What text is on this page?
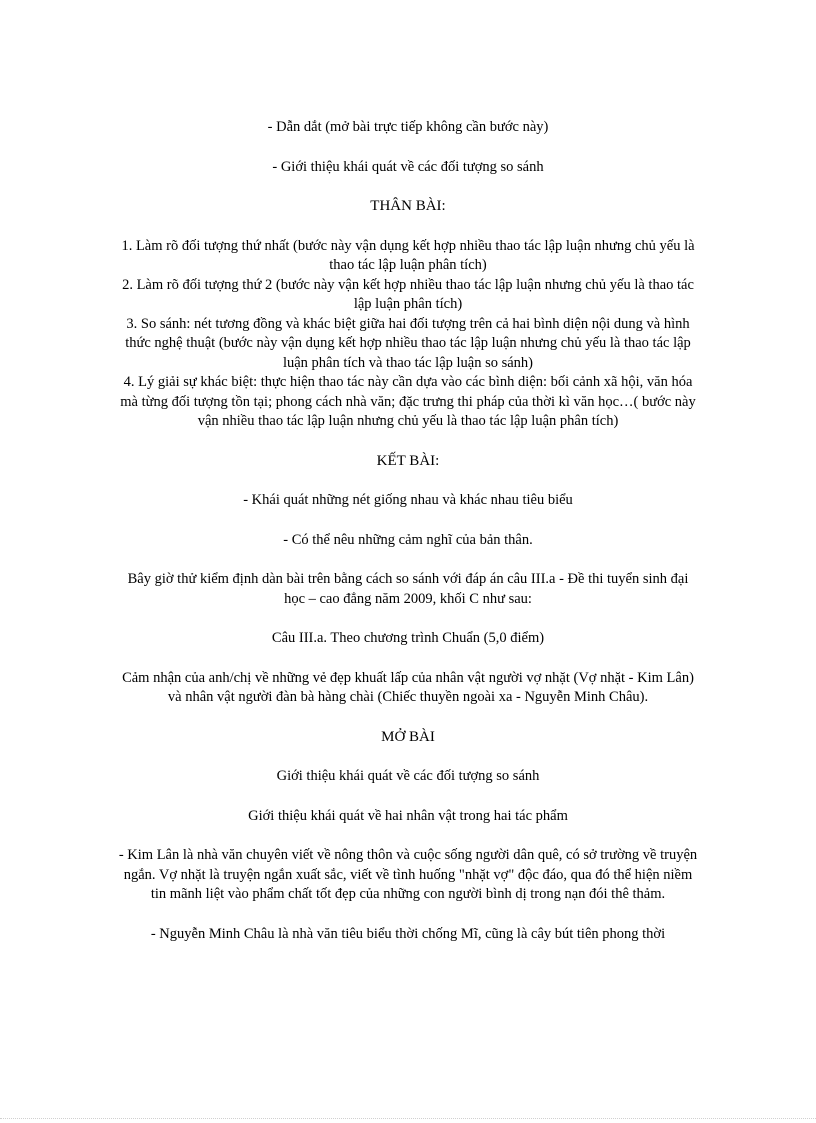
- Dẫn dắt (mở bài trực tiếp không cần bước này)

- Giới thiệu khái quát về các đối tượng so sánh

THÂN BÀI:

1. Làm rõ đối tượng thứ nhất (bước này vận dụng kết hợp nhiều thao tác lập luận nhưng chủ yếu là thao tác lập luận phân tích)

2. Làm rõ đối tượng thứ 2 (bước này vận kết hợp nhiều thao tác lập luận nhưng chủ yếu là thao tác lập luận phân tích)

3. So sánh: nét tương đồng và khác biệt giữa hai đối tượng trên cả hai bình diện nội dung và hình thức nghệ thuật (bước này vận dụng kết hợp nhiều thao tác lập luận nhưng chủ yếu là thao tác lập luận phân tích và thao tác lập luận so sánh)

4. Lý giải sự khác biệt: thực hiện thao tác này cần dựa vào các bình diện: bối cảnh xã hội, văn hóa mà từng đối tượng tồn tại; phong cách nhà văn; đặc trưng thi pháp của thời kì văn học…( bước này vận nhiều thao tác lập luận nhưng chủ yếu là thao tác lập luận phân tích)

KẾT BÀI:

- Khái quát những nét giống nhau và khác nhau tiêu biểu

- Có thể nêu những cảm nghĩ của bản thân.

Bây giờ thử kiểm định dàn bài trên bằng cách so sánh với đáp án câu III.a - Đề thi tuyển sinh đại học – cao đẳng năm 2009, khối C như sau:

Câu III.a. Theo chương trình Chuẩn (5,0 điểm)

Cảm nhận của anh/chị về những vẻ đẹp khuất lấp của nhân vật người vợ nhặt (Vợ nhặt - Kim Lân) và nhân vật người đàn bà hàng chài (Chiếc thuyền ngoài xa - Nguyễn Minh Châu).

MỞ BÀI

Giới thiệu khái quát về các đối tượng so sánh

Giới thiệu khái quát về hai nhân vật trong hai tác phẩm

- Kim Lân là nhà văn chuyên viết về nông thôn và cuộc sống người dân quê, có sở trường về truyện ngắn. Vợ nhặt là truyện ngắn xuất sắc, viết về tình huống "nhặt vợ" độc đáo, qua đó thể hiện niềm tin mãnh liệt vào phẩm chất tốt đẹp của những con người bình dị trong nạn đói thê thảm.

- Nguyễn Minh Châu là nhà văn tiêu biểu thời chống Mĩ, cũng là cây bút tiên phong thời
